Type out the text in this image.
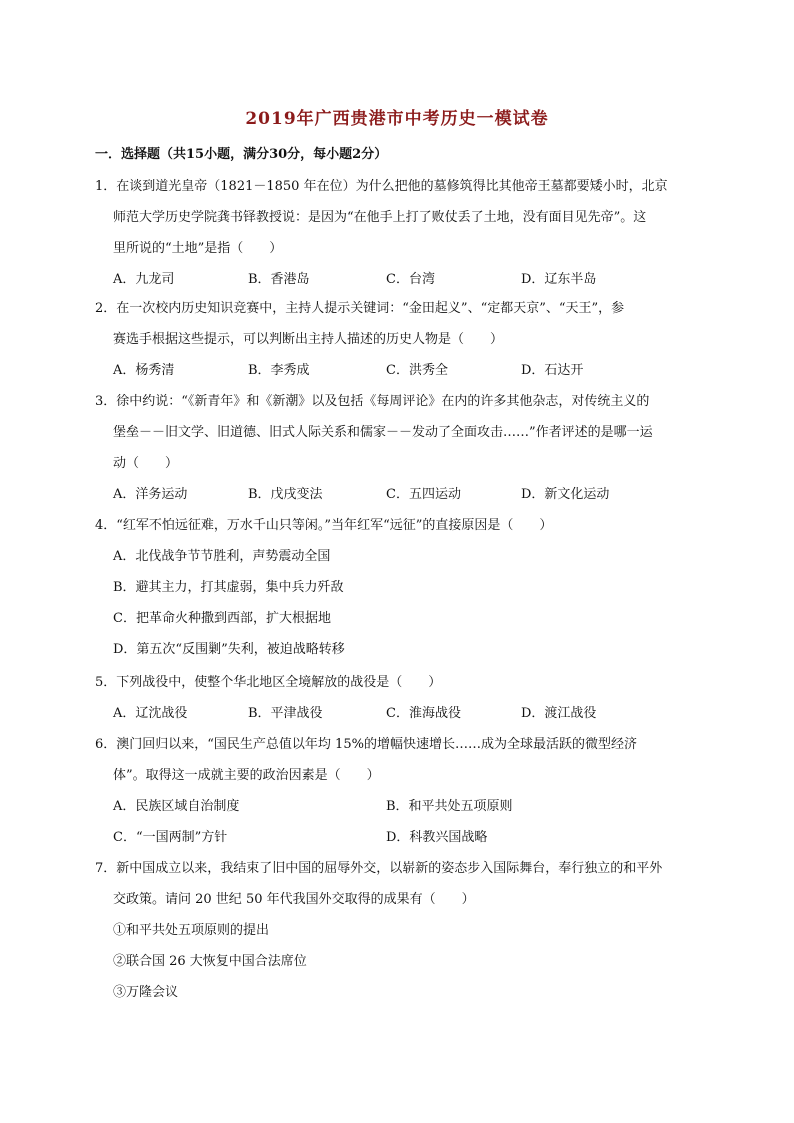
2019年广西贵港市中考历史一模试卷
一．选择题（共15小题，满分30分，每小题2分）
1．在谈到道光皇帝（1821－1850 年在位）为什么把他的墓修筑得比其他帝王墓都要矮小时，北京
师范大学历史学院龚书铎教授说：是因为“在他手上打了败仗丢了土地，没有面目见先帝”。这
里所说的“土地”是指（　　）
A．九龙司	B．香港岛	C．台湾	D．辽东半岛
2．在一次校内历史知识竞赛中，主持人提示关键词：“金田起义”、“定都天京”、“天王”，参
赛选手根据这些提示，可以判断出主持人描述的历史人物是（　　）
A．杨秀清	B．李秀成	C．洪秀全	D．石达开
3．徐中约说：“《新青年》和《新潮》以及包括《每周评论》在内的许多其他杂志，对传统主义的
堡垒－－旧文学、旧道德、旧式人际关系和儒家－－发动了全面攻击……”作者评述的是哪一运
动（　　）
A．洋务运动	B．戊戌变法	C．五四运动	D．新文化运动
4．“红军不怕远征难，万水千山只等闲。”当年红军“远征”的直接原因是（　　）
A．北伐战争节节胜利，声势震动全国
B．避其主力，打其虚弱，集中兵力歼敌
C．把革命火种撒到西部，扩大根据地
D．第五次“反围剿”失利，被迫战略转移
5．下列战役中，使整个华北地区全境解放的战役是（　　）
A．辽沈战役	B．平津战役	C．淮海战役	D．渡江战役
6．澳门回归以来，“国民生产总值以年均 15%的增幅快速增长……成为全球最活跃的微型经济
体”。取得这一成就主要的政治因素是（　　）
A．民族区域自治制度	B．和平共处五项原则
C．“一国两制”方针	D．科教兴国战略
7．新中国成立以来，我结束了旧中国的屈辱外交，以崭新的姿态步入国际舞台，奉行独立的和平外
交政策。请问 20 世纪 50 年代我国外交取得的成果有（　　）
①和平共处五项原则的提出
②联合国 26 大恢复中国合法席位
③万隆会议
